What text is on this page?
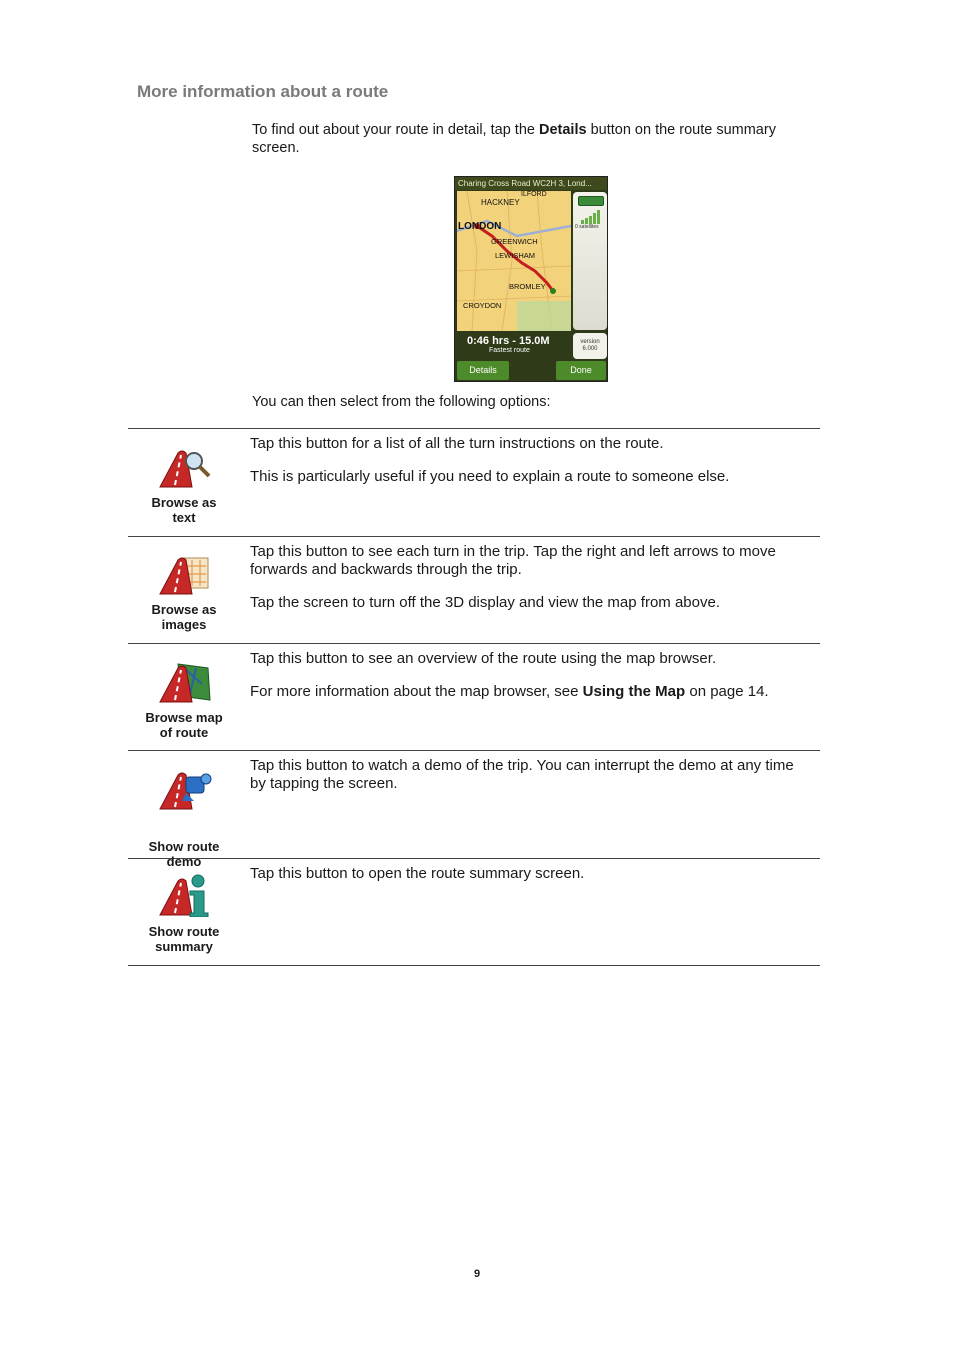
More information about a route

To find out about your route in detail, tap the Details button on the route summary screen.

Charing Cross Road WC2H 3, Lond...
HACKNEY
ILFORD
LONDON
GREENWICH
LEWISHAM
BROMLEY
CROYDON
0 satellites
version
6.000
0:46 hrs - 15.0M
Fastest route
Details	Done

You can then select from the following options:

Browse as
text

Tap this button for a list of all the turn instructions on the route.

This is particularly useful if you need to explain a route to someone else.

Browse as
images

Tap this button to see each turn in the trip. Tap the right and left arrows to move forwards and backwards through the trip.

Tap the screen to turn off the 3D display and view the map from above.

Browse map
of route

Tap this button to see an overview of the route using the map browser.

For more information about the map browser, see Using the Map on page 14.

Show route
demo

Tap this button to watch a demo of the trip. You can interrupt the demo at any time by tapping the screen.

Show route
summary

Tap this button to open the route summary screen.

9
